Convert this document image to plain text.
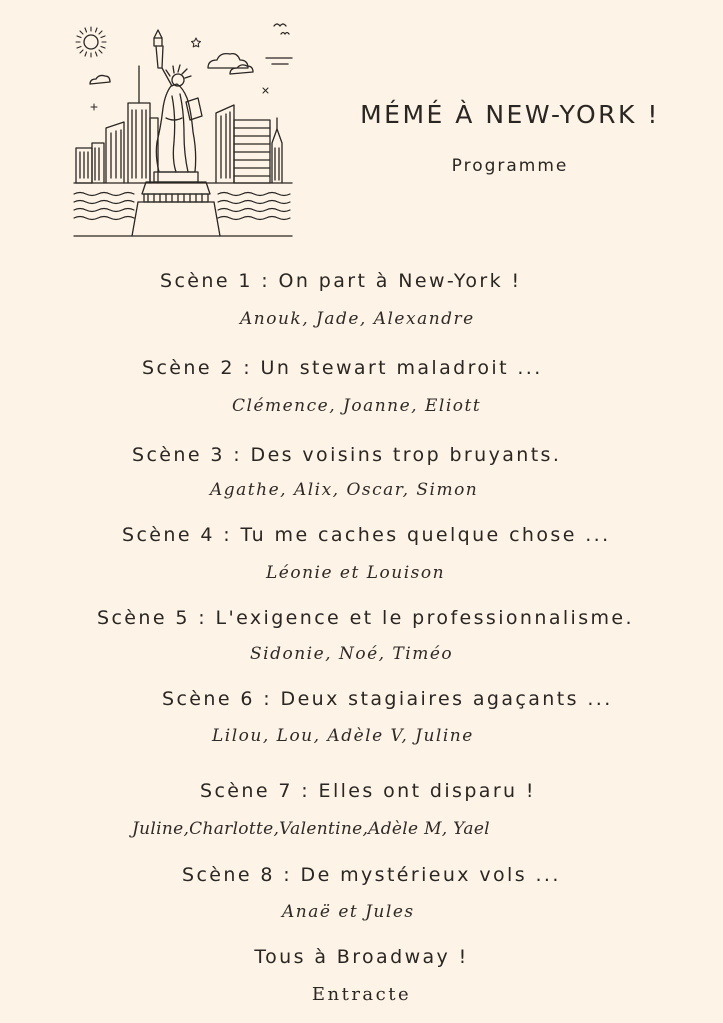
MÉMÉ À NEW-YORK !
Programme
Scène 1 : On part à New-York !
Anouk, Jade, Alexandre
Scène 2 : Un stewart maladroit ...
Clémence, Joanne, Eliott
Scène 3 : Des voisins trop bruyants.
Agathe, Alix, Oscar, Simon
Scène 4 : Tu me caches quelque chose ...
Léonie et Louison
Scène 5 : L'exigence et le professionnalisme.
Sidonie, Noé, Timéo
Scène 6 : Deux stagiaires agaçants ...
Lilou, Lou, Adèle V, Juline
Scène 7 : Elles ont disparu !
Juline,Charlotte,Valentine,Adèle M, Yael
Scène 8 : De mystérieux vols ...
Anaë et Jules
Tous à Broadway !
Entracte
